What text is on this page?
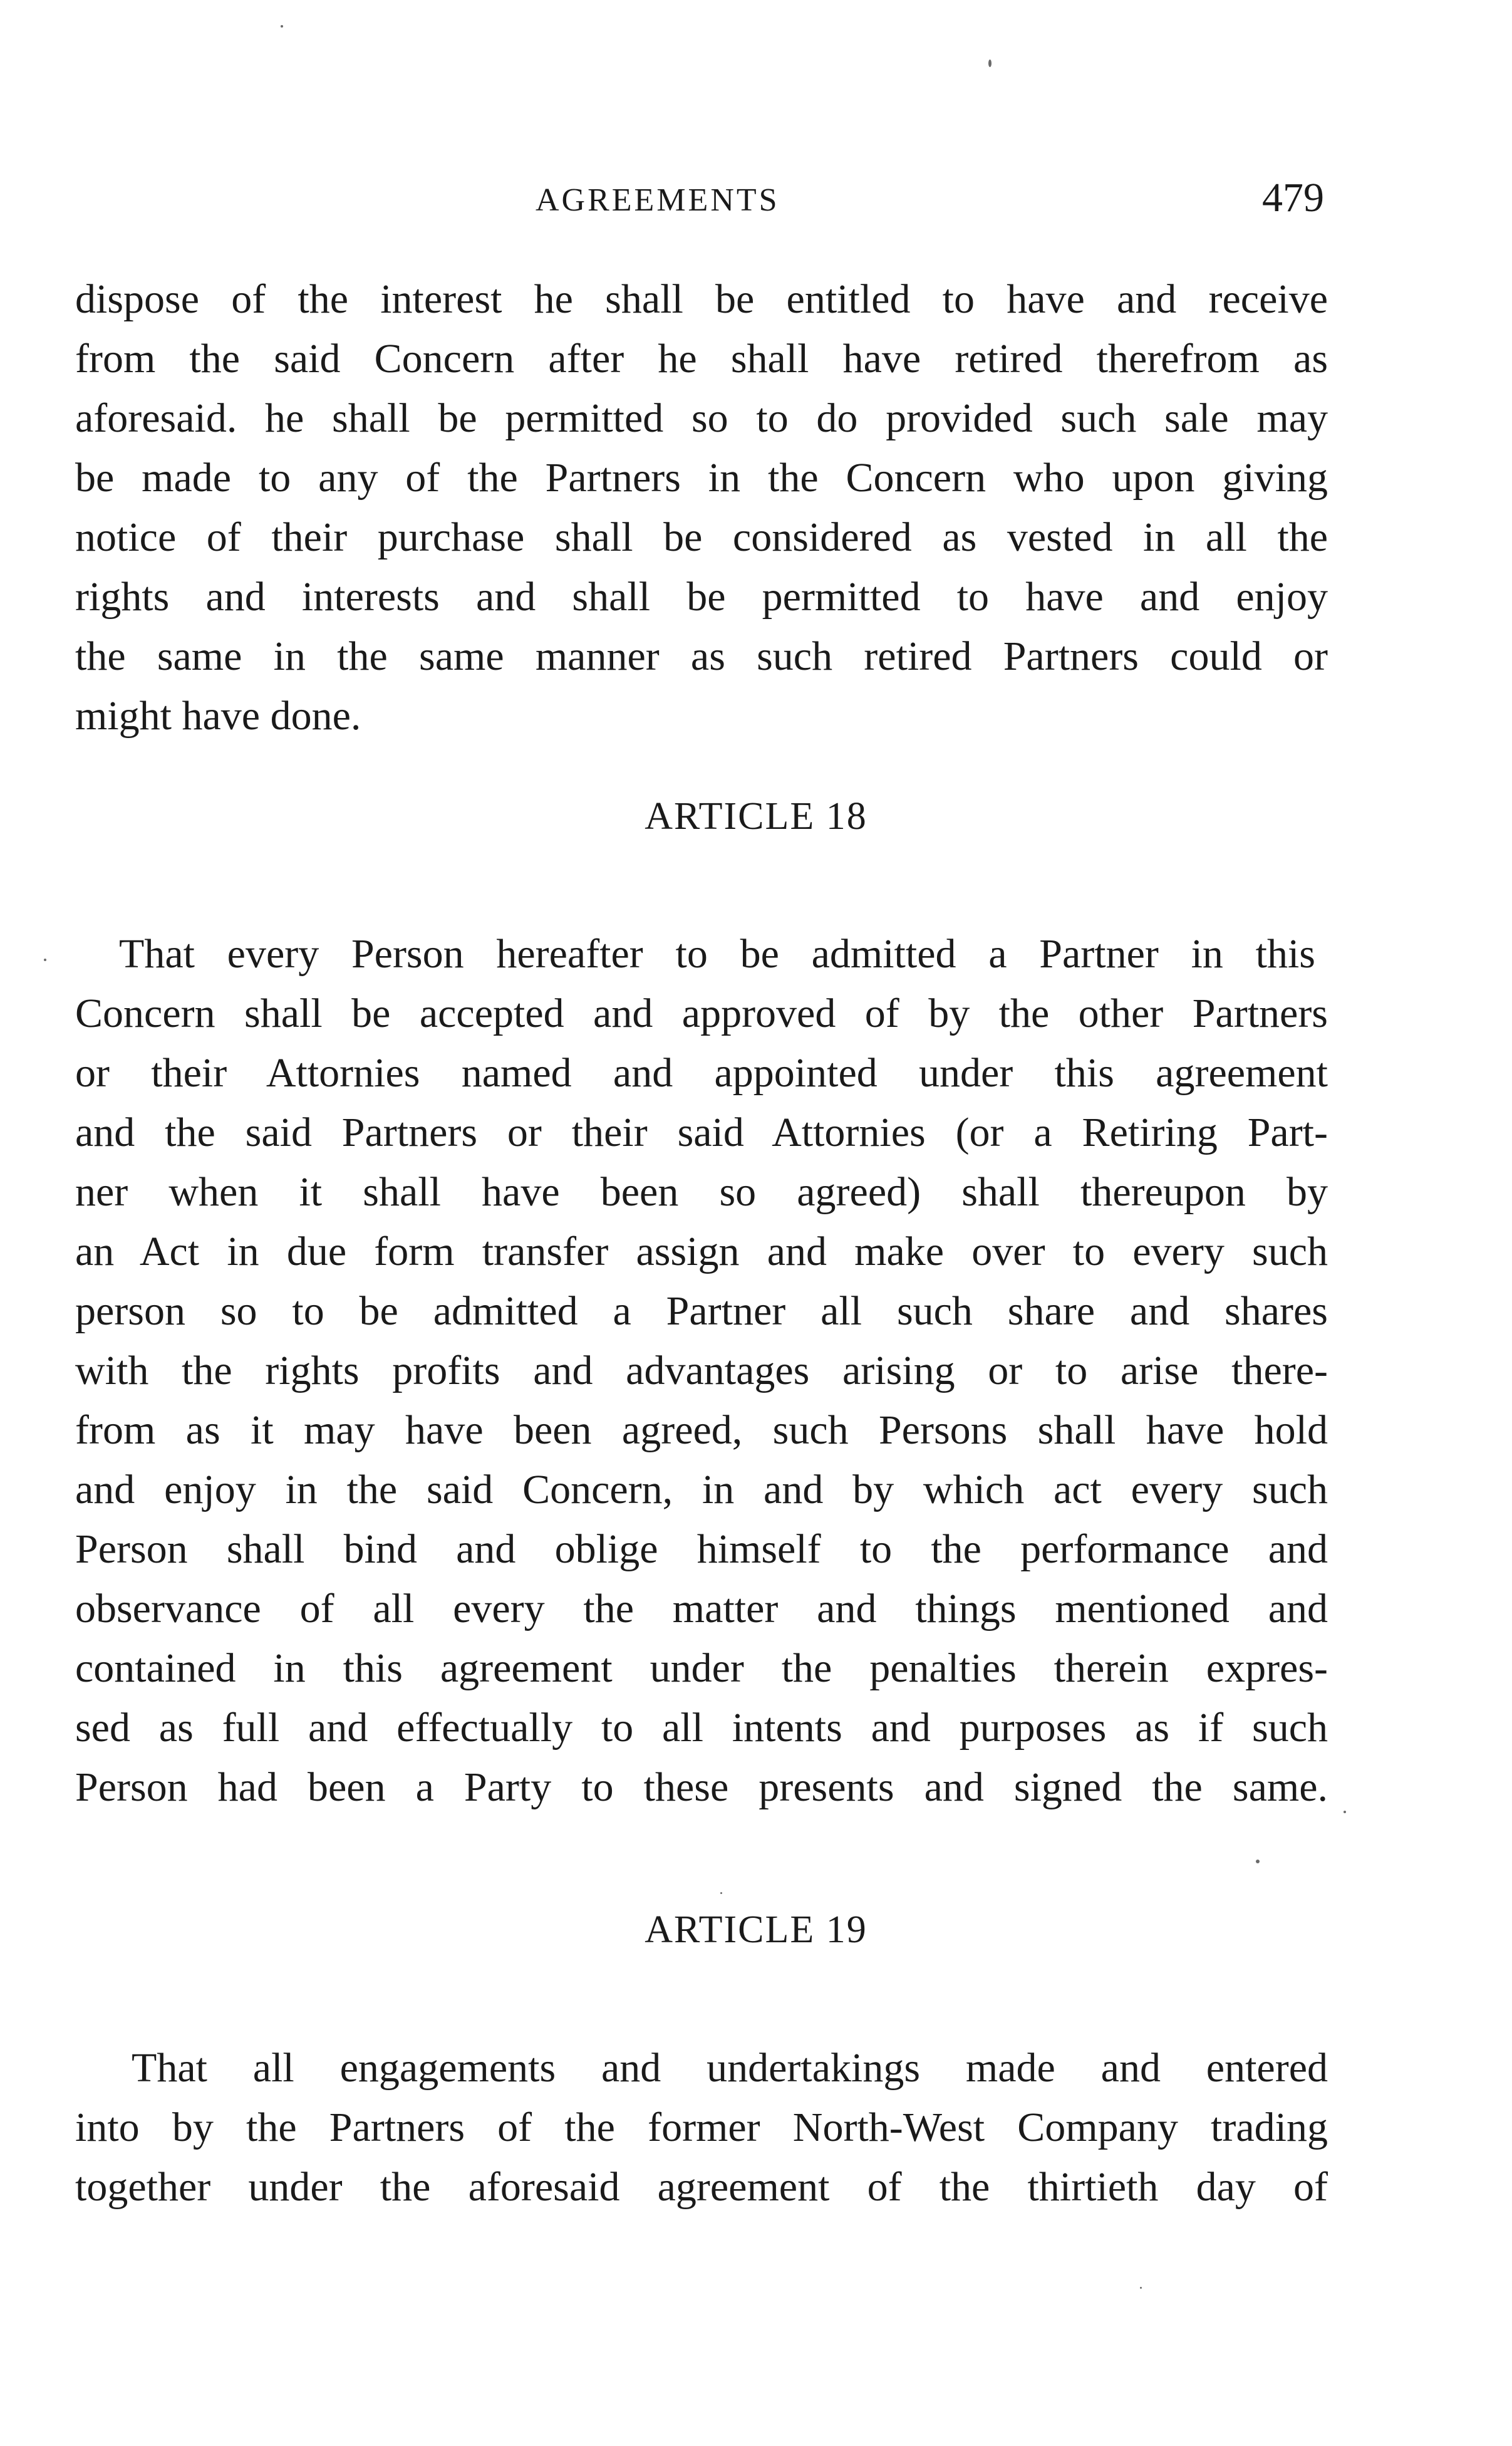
AGREEMENTS	479
dispose of the interest he shall be entitled to have and receive
from the said Concern after he shall have retired therefrom as
aforesaid. he shall be permitted so to do provided such sale may
be made to any of the Partners in the Concern who upon giving
notice of their purchase shall be considered as vested in all the
rights and interests and shall be permitted to have and enjoy
the same in the same manner as such retired Partners could or
might have done.
ARTICLE 18
That every Person hereafter to be admitted a Partner in this
Concern shall be accepted and approved of by the other Partners
or their Attornies named and appointed under this agreement
and the said Partners or their said Attornies (or a Retiring Part-
ner when it shall have been so agreed) shall thereupon by
an Act in due form transfer assign and make over to every such
person so to be admitted a Partner all such share and shares
with the rights profits and advantages arising or to arise there-
from as it may have been agreed, such Persons shall have hold
and enjoy in the said Concern, in and by which act every such
Person shall bind and oblige himself to the performance and
observance of all every the matter and things mentioned and
contained in this agreement under the penalties therein expres-
sed as full and effectually to all intents and purposes as if such
Person had been a Party to these presents and signed the same.
ARTICLE 19
That all engagements and undertakings made and entered
into by the Partners of the former North-West Company trading
together under the aforesaid agreement of the thirtieth day of
